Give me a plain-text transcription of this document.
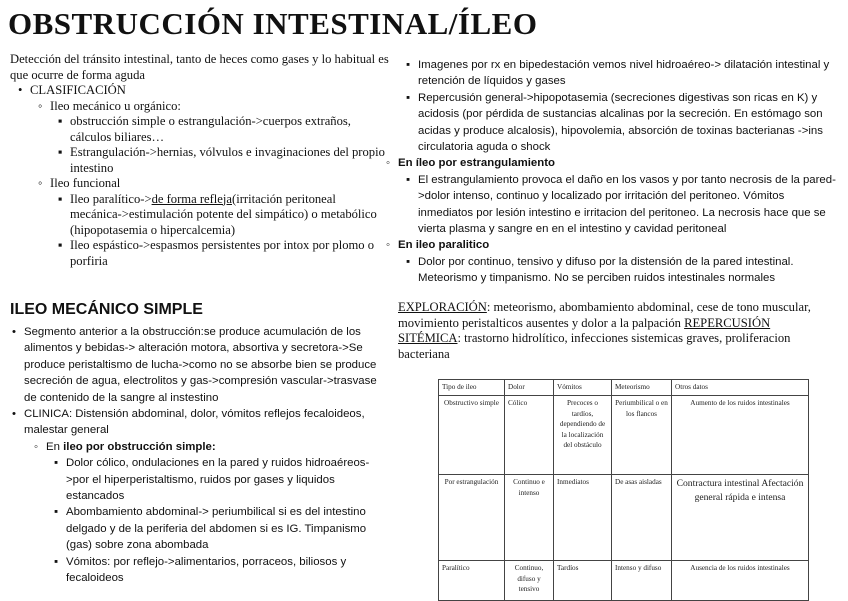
OBSTRUCCIÓN INTESTINAL/ÍLEO

Detección del tránsito intestinal, tanto de heces como gases y lo habitual es que ocurre de forma aguda

• CLASIFICACIÓN
◦ Ileo mecánico u orgánico:
▪ obstrucción simple o estrangulación->cuerpos extraños, cálculos biliares…
▪ Estrangulación->hernias, vólvulos e invaginaciones del propio intestino
◦ Ileo funcional
▪ Ileo paralítico->de forma refleja(irritación peritoneal mecánica->estimulación potente del simpático) o metabólico (hipopotasemia o hipercalcemia)
▪ Ileo espástico->espasmos persistentes por intox por plomo o porfiria
ILEO MECÁNICO SIMPLE
• Segmento anterior a la obstrucción:se produce acumulación de los alimentos y bebidas-> alteración motora, absortiva y secretora->Se produce peristaltismo de lucha->como no se absorbe bien se produce secreción de agua, electrolitos y gas->compresión vascular->trasvase de contenido de la sangre al instestino
• CLINICA: Distensión abdominal, dolor, vómitos reflejos fecaloideos, malestar general
◦ En ileo por obstrucción simple:
▪ Dolor cólico, ondulaciones en la pared y ruidos hidroaéreos->por el hiperperistaltismo, ruidos por gases y liquidos estancados
▪ Abombamiento abdominal-> periumbilical si es del intestino delgado y de la periferia del abdomen si es IG. Timpanismo (gas) sobre zona abombada
▪ Vómitos: por reflejo->alimentarios, porraceos, biliosos y fecaloideos
▪ Imagenes por rx en bipedestación vemos nivel hidroaéreo-> dilatación intestinal y retención de líquidos y gases
▪ Repercusión general->hipopotasemia (secreciones digestivas son ricas en K) y acidosis (por pérdida de sustancias alcalinas por la secreción. En estómago son acidas y produce alcalosis), hipovolemia, absorción de toxinas bacterianas ->ins circulatoria aguda o shock
◦ En íleo por estrangulamiento
▪ El estrangulamiento provoca el daño en los vasos y por tanto necrosis de la pared->dolor intenso, continuo y localizado por irritación del peritoneo. Vómitos inmediatos por lesión intestino e irritacion del peritoneo. La necrosis hace que se vierta plasma y sangre en en el intestino y cavidad peritoneal
◦ En ileo paralitico
▪ Dolor por continuo, tensivo y difuso por la distensión de la pared intestinal. Meteorismo y timpanismo. No se perciben ruidos intestinales normales

EXPLORACIÓN: meteorismo, abombamiento abdominal, cese de tono muscular, movimiento peristalticos ausentes y dolor a la palpación REPERCUSIÓN SITÉMICA: trastorno hidrolítico, infecciones sistemicas graves, proliferacion bacteriana

Tipo de ileo	Dolor	Vómitos	Meteorismo	Otros datos
Obstructivo simple	Cólico	Precoces o tardíos, dependiendo de la localización del obstáculo	Periumbilical o en los flancos	Aumento de los ruidos intestinales
Por estrangulación	Continuo e intenso	Inmediatos	De asas aisladas	Contractura intestinal Afectación general rápida e intensa
Paralítico	Continuo, difuso y tensivo	Tardíos	Intenso y difuso	Ausencia de los ruidos intestinales
